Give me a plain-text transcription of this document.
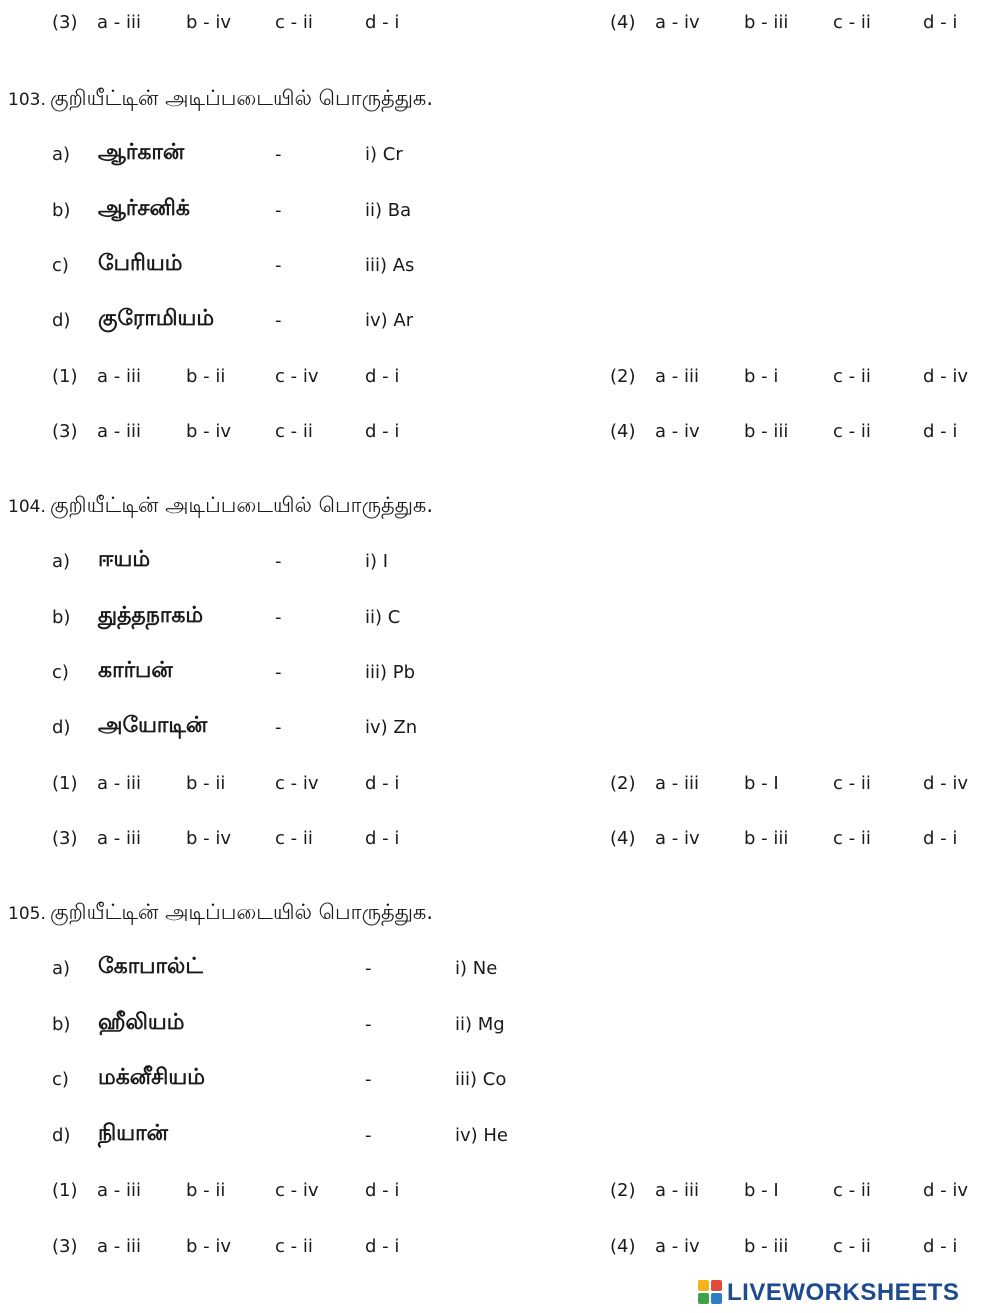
(3) a - iii	b - iv c - ii	d - i	(4) a - iv b - iii c - ii	d - i
103. குறியீட்டின் அடிப்படையில் பொருத்துக.
a) ஆர்கான்	-	i) Cr
b) ஆர்சனிக்	-	ii) Ba
c) பேரியம்	-	iii) As
d) குரோமியம்	-	iv) Ar
(1) a - iii	b - ii	c - iv	d - i	(2) a - iii	b - i	c - ii	d - iv
(3) a - iii	b - iv c - ii	d - i	(4) a - iv b - iii c - ii	d - i
104. குறியீட்டின் அடிப்படையில் பொருத்துக.
a) ஈயம்	-	i) I
b) துத்தநாகம்	-	ii) C
c) கார்பன்	-	iii) Pb
d) அயோடின்	-	iv) Zn
(1) a - iii	b - ii	c - iv	d - i	(2) a - iii	b - I	c - ii	d - iv
(3) a - iii	b - iv c - ii	d - i	(4) a - iv b - iii c - ii	d - i
105. குறியீட்டின் அடிப்படையில் பொருத்துக.
a) கோபால்ட்	-	i) Ne
b) ஹீலியம்	-	ii) Mg
c) மக்னீசியம்	-	iii) Co
d) நியான்	-	iv) He
(1) a - iii	b - ii	c - iv	d - i	(2) a - iii	b - I	c - ii	d - iv
(3) a - iii	b - iv c - ii	d - i	(4) a - iv b - iii c - ii	d - i
LIVEWORKSHEETS
